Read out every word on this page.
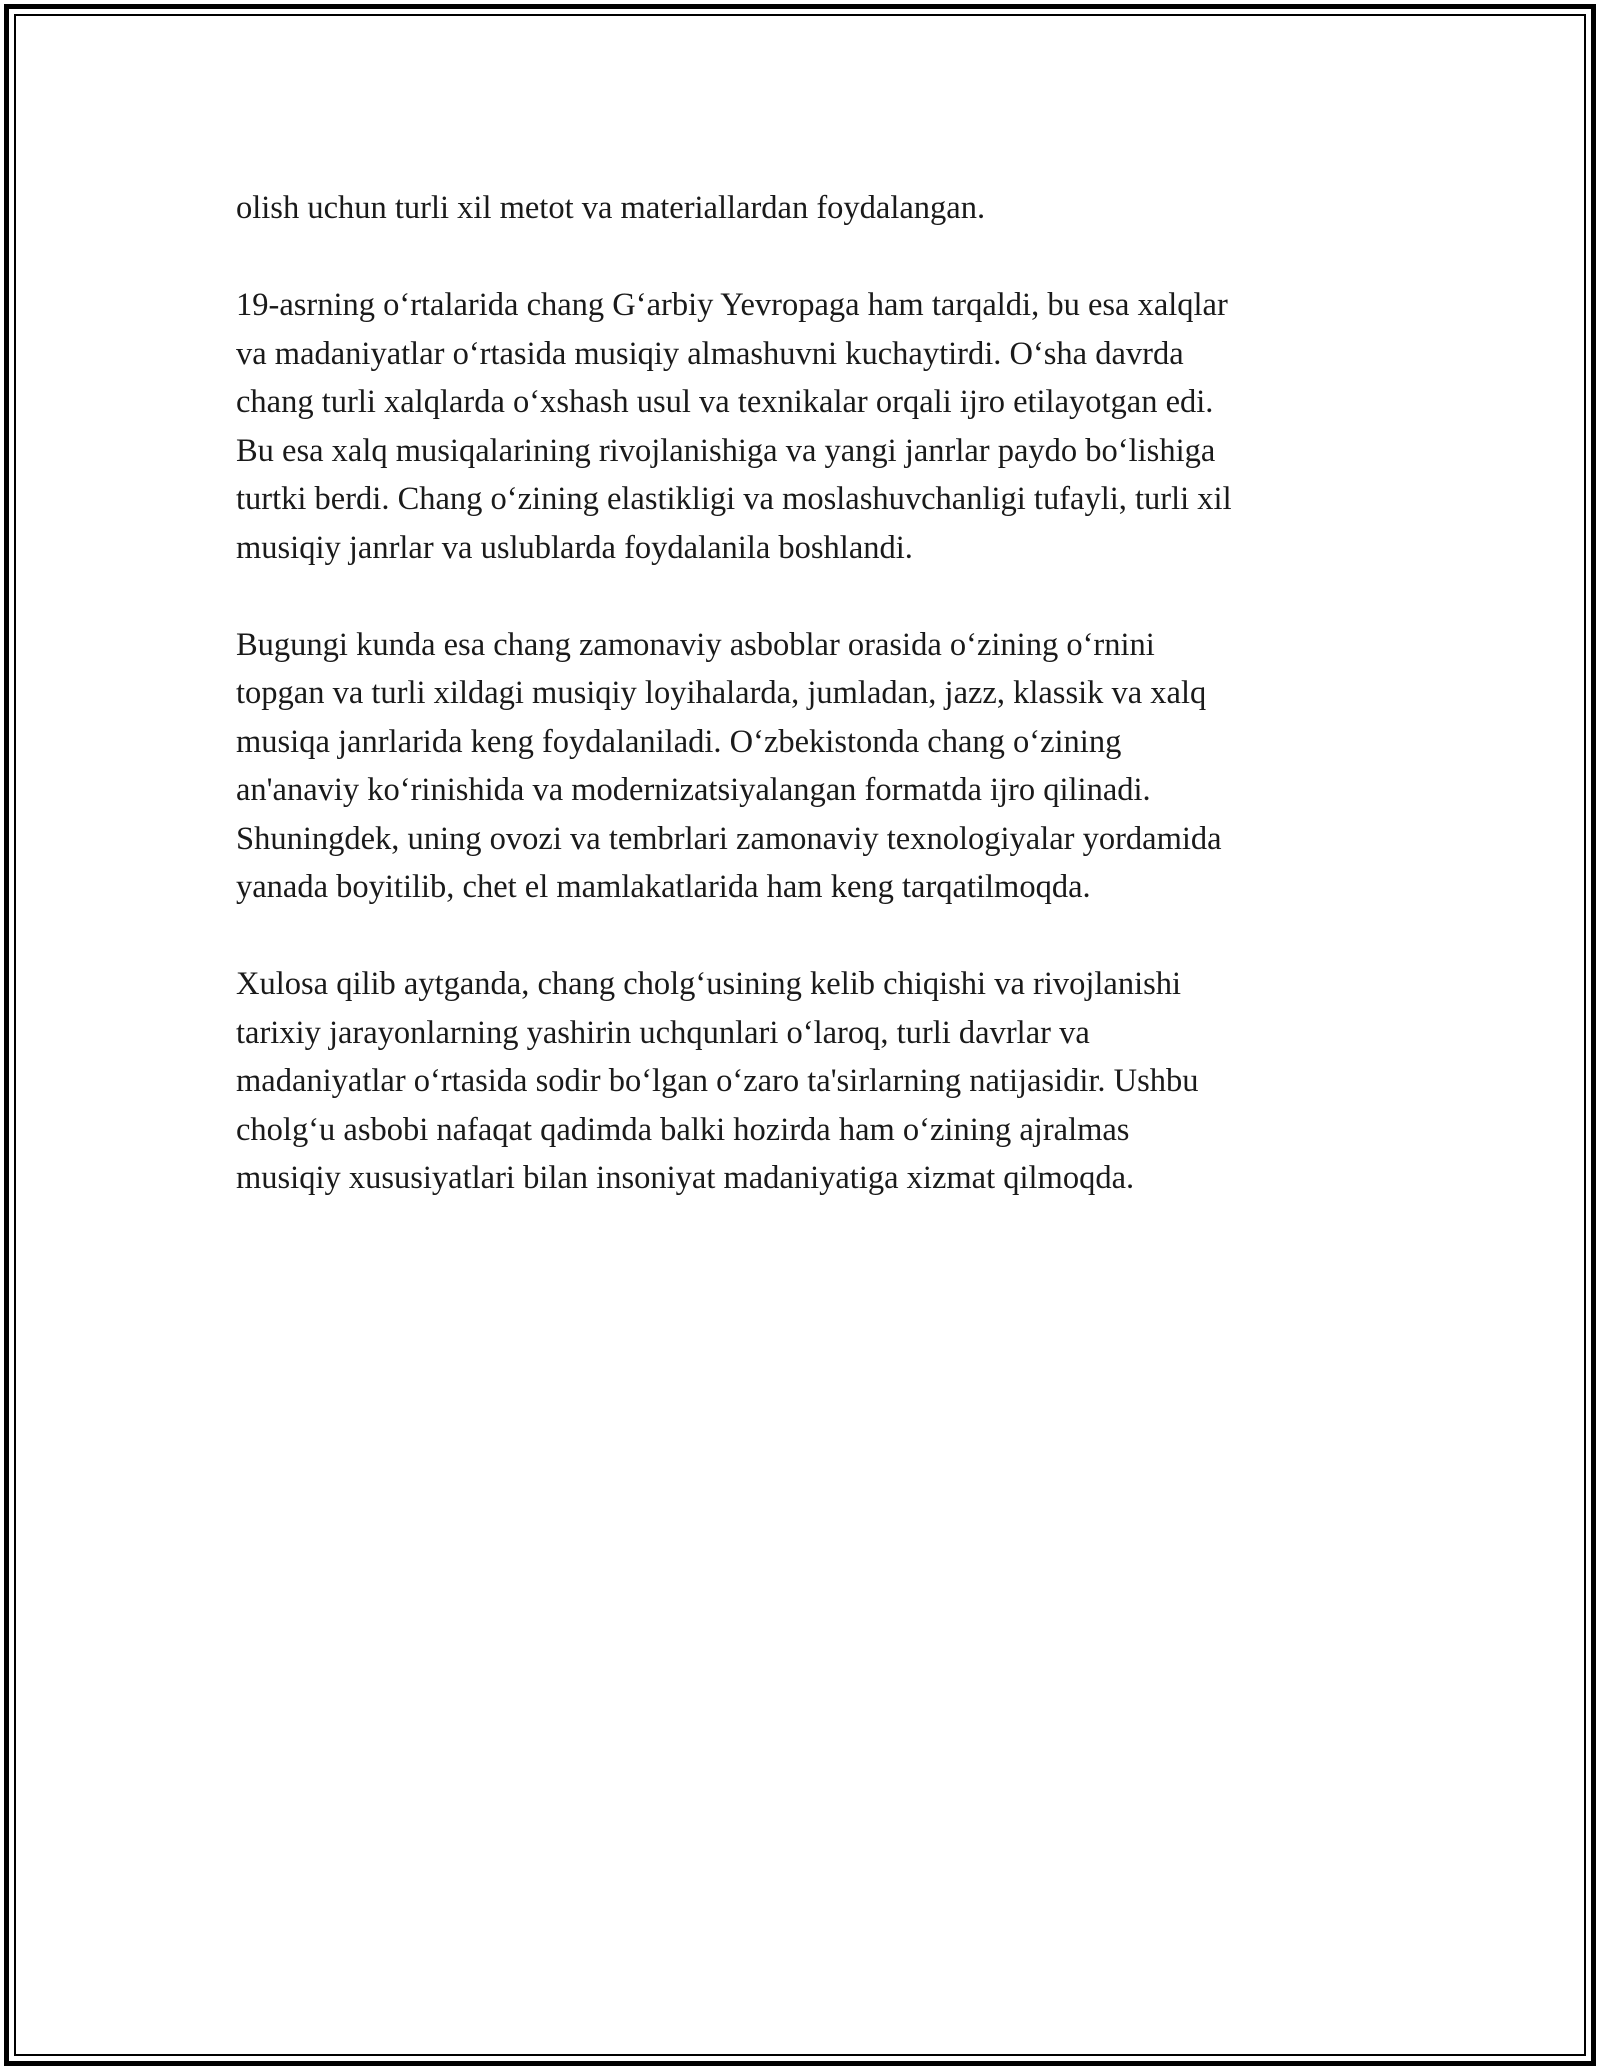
olish uchun turli xil metot va materiallardan foydalangan.

19-asrning o‘rtalarida chang G‘arbiy Yevropaga ham tarqaldi, bu esa xalqlar
va madaniyatlar o‘rtasida musiqiy almashuvni kuchaytirdi. O‘sha davrda
chang turli xalqlarda o‘xshash usul va texnikalar orqali ijro etilayotgan edi.
Bu esa xalq musiqalarining rivojlanishiga va yangi janrlar paydo bo‘lishiga
turtki berdi. Chang o‘zining elastikligi va moslashuvchanligi tufayli, turli xil
musiqiy janrlar va uslublarda foydalanila boshlandi.

Bugungi kunda esa chang zamonaviy asboblar orasida o‘zining o‘rnini
topgan va turli xildagi musiqiy loyihalarda, jumladan, jazz, klassik va xalq
musiqa janrlarida keng foydalaniladi. O‘zbekistonda chang o‘zining
an'anaviy ko‘rinishida va modernizatsiyalangan formatda ijro qilinadi.
Shuningdek, uning ovozi va tembrlari zamonaviy texnologiyalar yordamida
yanada boyitilib, chet el mamlakatlarida ham keng tarqatilmoqda.

Xulosa qilib aytganda, chang cholg‘usining kelib chiqishi va rivojlanishi
tarixiy jarayonlarning yashirin uchqunlari o‘laroq, turli davrlar va
madaniyatlar o‘rtasida sodir bo‘lgan o‘zaro ta'sirlarning natijasidir. Ushbu
cholg‘u asbobi nafaqat qadimda balki hozirda ham o‘zining ajralmas
musiqiy xususiyatlari bilan insoniyat madaniyatiga xizmat qilmoqda.
